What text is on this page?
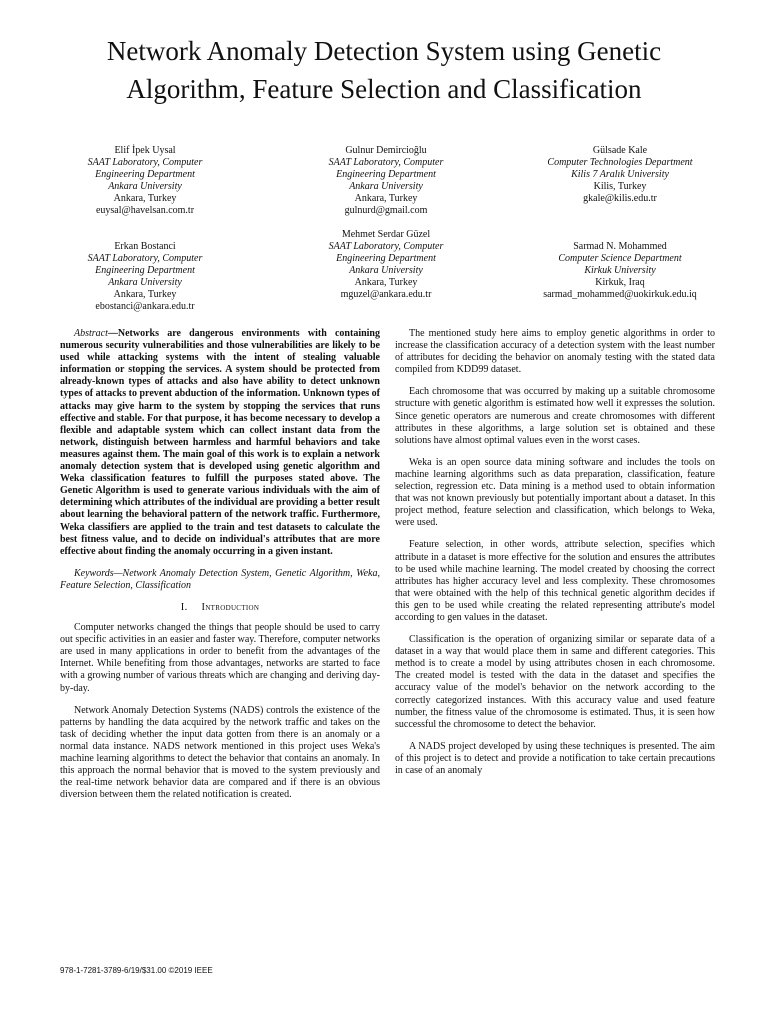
Network Anomaly Detection System using Genetic
Algorithm, Feature Selection and Classification
Elif İpek Uysal
SAAT Laboratory, Computer
Engineering Department
Ankara University
Ankara, Turkey
euysal@havelsan.com.tr
Gulnur Demircioğlu
SAAT Laboratory, Computer
Engineering Department
Ankara University
Ankara, Turkey
gulnurd@gmail.com
Gülsade Kale
Computer Technologies Department
Kilis 7 Aralık University
Kilis, Turkey
gkale@kilis.edu.tr
Erkan Bostanci
SAAT Laboratory, Computer
Engineering Department
Ankara University
Ankara, Turkey
ebostanci@ankara.edu.tr
Mehmet Serdar Güzel
SAAT Laboratory, Computer
Engineering Department
Ankara University
Ankara, Turkey
mguzel@ankara.edu.tr
Sarmad N. Mohammed
Computer Science Department
Kirkuk University
Kirkuk, Iraq
sarmad_mohammed@uokirkuk.edu.iq

Abstract—Networks are dangerous environments with containing numerous security vulnerabilities and those vulnerabilities are likely to be used while attacking systems with the intent of stealing valuable information or stopping the services. A system should be protected from already-known types of attacks and also have ability to detect unknown types of attacks to prevent abduction of the information. Unknown types of attacks may give harm to the system by stopping the services that runs effective and stable. For that purpose, it has become necessary to develop a flexible and adaptable system which can collect instant data from the network, distinguish between harmless and harmful behaviors and take measures against them. The main goal of this work is to explain a network anomaly detection system that is developed using genetic algorithm and Weka classification features to fulfill the purposes stated above. The Genetic Algorithm is used to generate various individuals with the aim of determining which attributes of the individual are providing a better result about learning the behavioral pattern of the network traffic. Furthermore, Weka classifiers are applied to the train and test datasets to calculate the best fitness value, and to decide on individual's attributes that are more effective about finding the anomaly occurring in a given instant.

Keywords—Network Anomaly Detection System, Genetic Algorithm, Weka, Feature Selection, Classification

I. Introduction

Computer networks changed the things that people should be used to carry out specific activities in an easier and faster way. Therefore, computer networks are used in many applications in order to benefit from the advantages of the Internet. While benefiting from those advantages, networks are started to face with a growing number of various threats which are changing and deriving day-by-day.

Network Anomaly Detection Systems (NADS) controls the existence of the patterns by handling the data acquired by the network traffic and takes on the task of deciding whether the input data gotten from there is an anomaly or a normal data instance. NADS network mentioned in this project uses Weka's machine learning algorithms to detect the behavior that contains an anomaly. In this approach the normal behavior that is moved to the system previously and the real-time network behavior data are compared and if there is an obvious diversion between them the related notification is created.

The mentioned study here aims to employ genetic algorithms in order to increase the classification accuracy of a detection system with the least number of attributes for deciding the behavior on anomaly testing with the stated data compiled from KDD99 dataset.

Each chromosome that was occurred by making up a suitable chromosome structure with genetic algorithm is estimated how well it expresses the solution. Since genetic operators are numerous and create chromosomes with different attributes in these algorithms, a large solution set is obtained and these solutions have almost optimal values even in the worst cases.

Weka is an open source data mining software and includes the tools on machine learning algorithms such as data preparation, classification, feature selection, regression etc. Data mining is a method used to obtain information that was not known previously but potentially important about a dataset. In this project method, feature selection and classification, which belongs to Weka, were used.

Feature selection, in other words, attribute selection, specifies which attribute in a dataset is more effective for the solution and ensures the attributes to be used while machine learning. The model created by choosing the correct attributes has higher accuracy level and less complexity. These chromosomes that were obtained with the help of this technical genetic algorithm decides if this gen to be used while creating the related representing attribute's model according to gen values in the dataset.

Classification is the operation of organizing similar or separate data of a dataset in a way that would place them in same and different categories. This method is to create a model by using attributes chosen in each chromosome. The created model is tested with the data in the dataset and specifies the accuracy value of the model's behavior on the network according to the correctly categorized instances. With this accuracy value and used feature number, the fitness value of the chromosome is estimated. Thus, it is seen how successful the chromosome to detect the behavior.

A NADS project developed by using these techniques is presented. The aim of this project is to detect and provide a notification to take certain precautions in case of an anomaly

978-1-7281-3789-6/19/$31.00 ©2019 IEEE
